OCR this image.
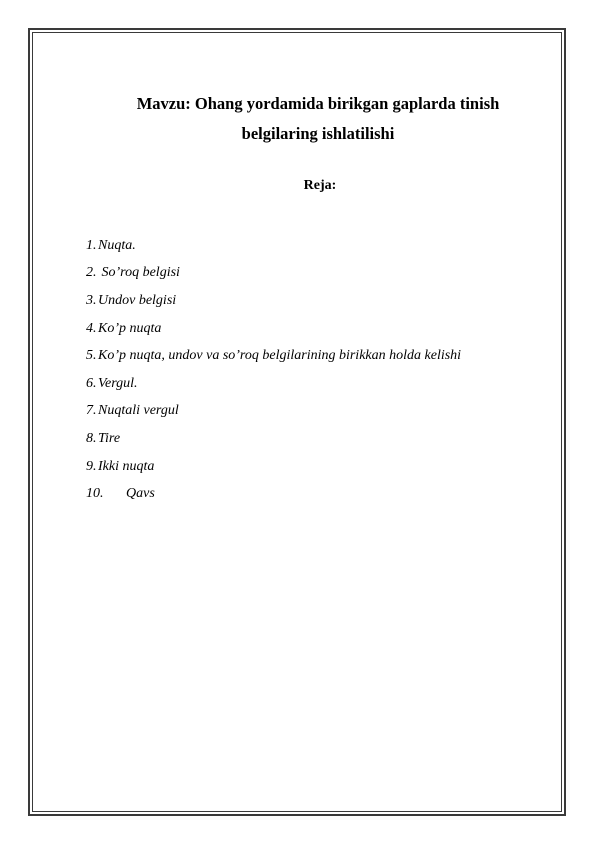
Mavzu: Ohang yordamida birikgan gaplarda tinish
belgilaring ishlatilishi
Reja:
1. Nuqta.
2. So’roq belgisi
3. Undov belgisi
4. Ko’p nuqta
5. Ko’p nuqta, undov va so’roq belgilarining birikkan holda kelishi
6. Vergul.
7. Nuqtali vergul
8. Tire
9. Ikki nuqta
10.	Qavs
